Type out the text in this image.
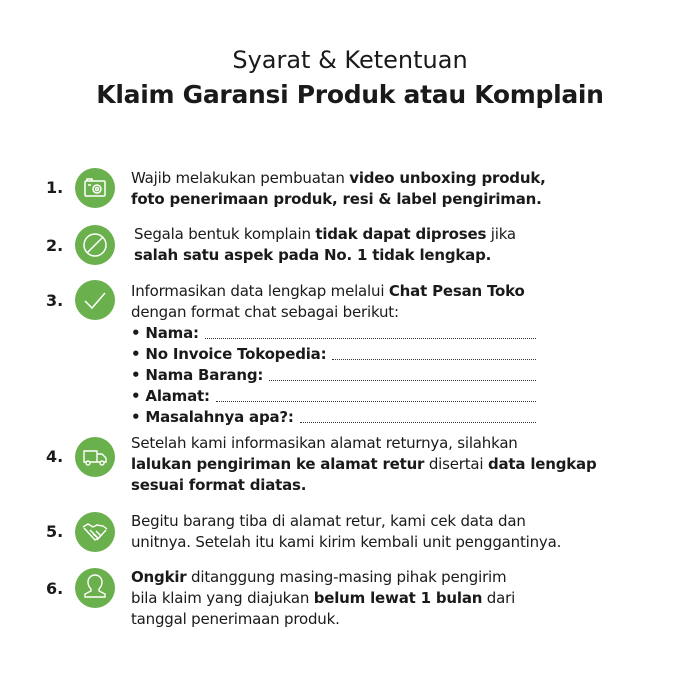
Syarat & Ketentuan
Klaim Garansi Produk atau Komplain
1.	Wajib melakukan pembuatan video unboxing produk,
foto penerimaan produk, resi & label pengiriman.
2.
Segala bentuk komplain tidak dapat diproses jika
salah satu aspek pada No. 1 tidak lengkap.
3.	Informasikan data lengkap melalui Chat Pesan Toko
dengan format chat sebagai berikut:
• Nama:
• No Invoice Tokopedia:
• Nama Barang:
• Alamat:
• Masalahnya apa?:
4.
Setelah kami informasikan alamat returnya, silahkan
lalukan pengiriman ke alamat retur disertai data lengkap
sesuai format diatas.
5.
Begitu barang tiba di alamat retur, kami cek data dan
unitnya. Setelah itu kami kirim kembali unit penggantinya.
6.
Ongkir ditanggung masing-masing pihak pengirim
bila klaim yang diajukan belum lewat 1 bulan dari
tanggal penerimaan produk.
